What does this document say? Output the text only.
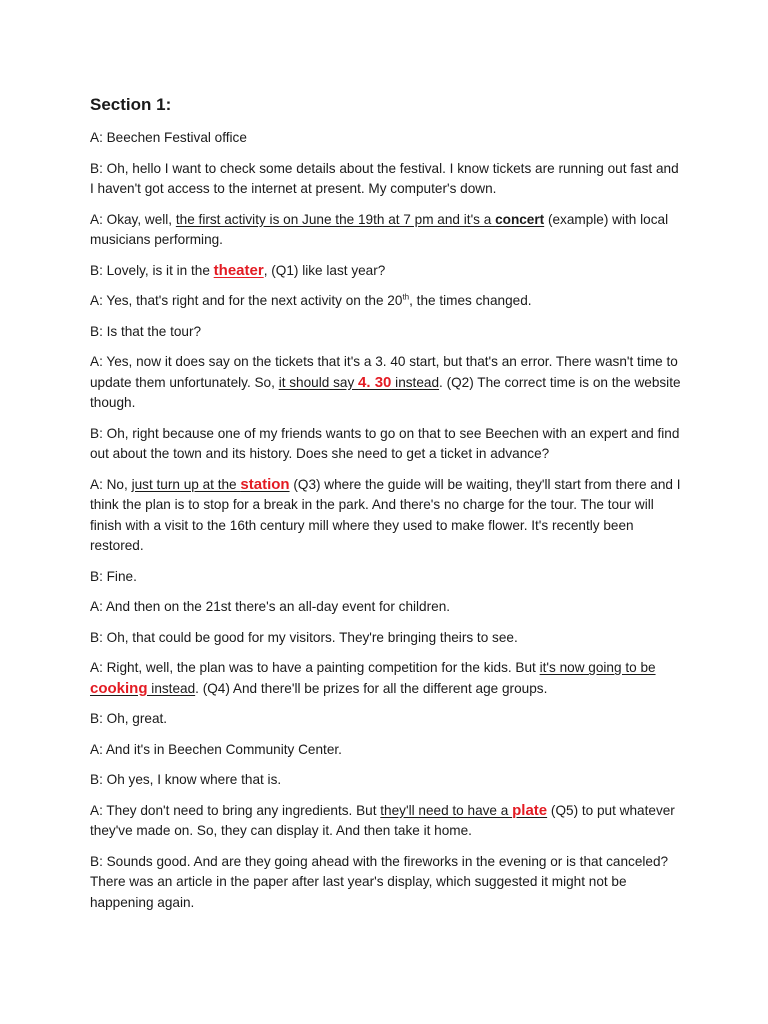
Section 1:

A: Beechen Festival office

B: Oh, hello I want to check some details about the festival. I know tickets are running out fast and I haven't got access to the internet at present. My computer's down.

A: Okay, well, the first activity is on June the 19th at 7 pm and it's a concert (example) with local musicians performing.

B: Lovely, is it in the theater, (Q1) like last year?

A: Yes, that's right and for the next activity on the 20th, the times changed.

B: Is that the tour?

A: Yes, now it does say on the tickets that it's a 3. 40 start, but that's an error. There wasn't time to update them unfortunately. So, it should say 4. 30 instead. (Q2) The correct time is on the website though.

B: Oh, right because one of my friends wants to go on that to see Beechen with an expert and find out about the town and its history. Does she need to get a ticket in advance?

A: No, just turn up at the station (Q3) where the guide will be waiting, they'll start from there and I think the plan is to stop for a break in the park. And there's no charge for the tour. The tour will finish with a visit to the 16th century mill where they used to make flower. It's recently been restored.

B: Fine.

A: And then on the 21st there's an all-day event for children.

B: Oh, that could be good for my visitors. They're bringing theirs to see.

A: Right, well, the plan was to have a painting competition for the kids. But it's now going to be cooking instead. (Q4) And there'll be prizes for all the different age groups.

B: Oh, great.

A: And it's in Beechen Community Center.

B: Oh yes, I know where that is.

A: They don't need to bring any ingredients. But they'll need to have a plate (Q5) to put whatever they've made on. So, they can display it. And then take it home.

B: Sounds good. And are they going ahead with the fireworks in the evening or is that canceled? There was an article in the paper after last year's display, which suggested it might not be happening again.
